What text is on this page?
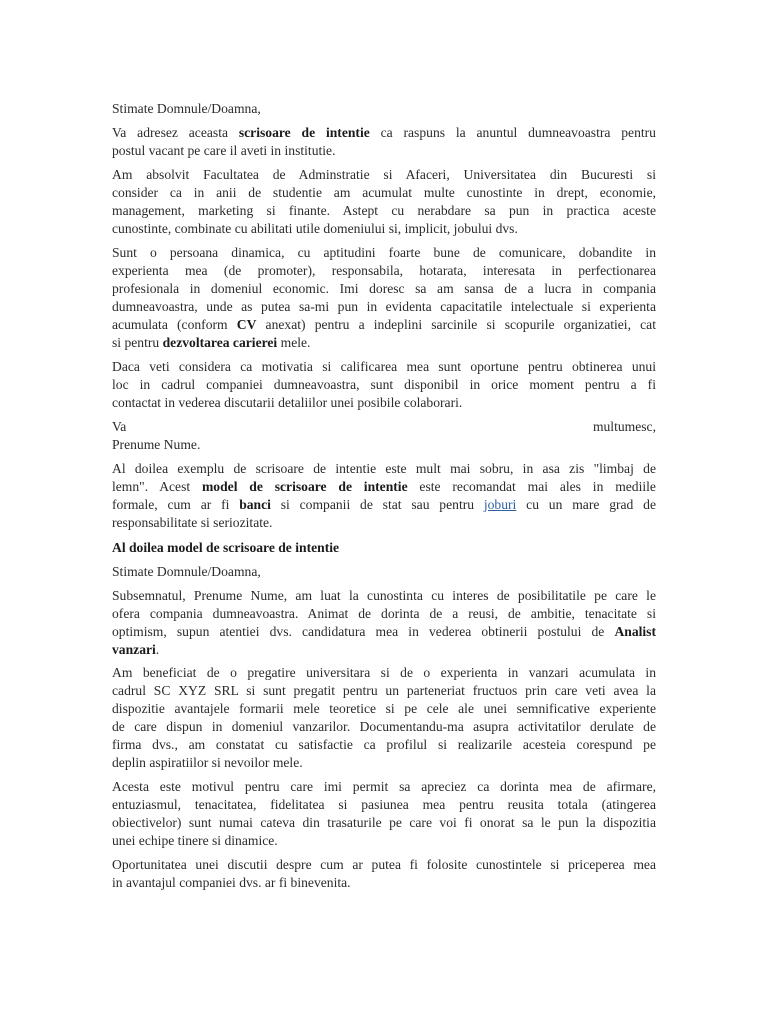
Stimate Domnule/Doamna,
Va adresez aceasta scrisoare de intentie ca raspuns la anuntul dumneavoastra pentru
postul vacant pe care il aveti in institutie.
Am absolvit Facultatea de Adminstratie si Afaceri, Universitatea din Bucuresti si
consider ca in anii de studentie am acumulat multe cunostinte in drept, economie,
management, marketing si finante. Astept cu nerabdare sa pun in practica aceste
cunostinte, combinate cu abilitati utile domeniului si, implicit, jobului dvs.
Sunt o persoana dinamica, cu aptitudini foarte bune de comunicare, dobandite in
experienta mea (de promoter), responsabila, hotarata, interesata in perfectionarea
profesionala in domeniul economic. Imi doresc sa am sansa de a lucra in compania
dumneavoastra, unde as putea sa-mi pun in evidenta capacitatile intelectuale si experienta
acumulata (conform CV anexat) pentru a indeplini sarcinile si scopurile organizatiei, cat
si pentru dezvoltarea carierei mele.
Daca veti considera ca motivatia si calificarea mea sunt oportune pentru obtinerea unui
loc in cadrul companiei dumneavoastra, sunt disponibil in orice moment pentru a fi
contactat in vederea discutarii detaliilor unei posibile colaborari.
Va	multumesc,
Prenume Nume.
Al doilea exemplu de scrisoare de intentie este mult mai sobru, in asa zis "limbaj de
lemn". Acest model de scrisoare de intentie este recomandat mai ales in mediile
formale, cum ar fi banci si companii de stat sau pentru joburi cu un mare grad de
responsabilitate si seriozitate.
Al doilea model de scrisoare de intentie
Stimate Domnule/Doamna,
Subsemnatul, Prenume Nume, am luat la cunostinta cu interes de posibilitatile pe care le
ofera compania dumneavoastra. Animat de dorinta de a reusi, de ambitie, tenacitate si
optimism, supun atentiei dvs. candidatura mea in vederea obtinerii postului de Analist
vanzari.
Am beneficiat de o pregatire universitara si de o experienta in vanzari acumulata in
cadrul SC XYZ SRL si sunt pregatit pentru un parteneriat fructuos prin care veti avea la
dispozitie avantajele formarii mele teoretice si pe cele ale unei semnificative experiente
de care dispun in domeniul vanzarilor. Documentandu-ma asupra activitatilor derulate de
firma dvs., am constatat cu satisfactie ca profilul si realizarile acesteia corespund pe
deplin aspiratiilor si nevoilor mele.
Acesta este motivul pentru care imi permit sa apreciez ca dorinta mea de afirmare,
entuziasmul, tenacitatea, fidelitatea si pasiunea mea pentru reusita totala (atingerea
obiectivelor) sunt numai cateva din trasaturile pe care voi fi onorat sa le pun la dispozitia
unei echipe tinere si dinamice.
Oportunitatea unei discutii despre cum ar putea fi folosite cunostintele si priceperea mea
in avantajul companiei dvs. ar fi binevenita.
